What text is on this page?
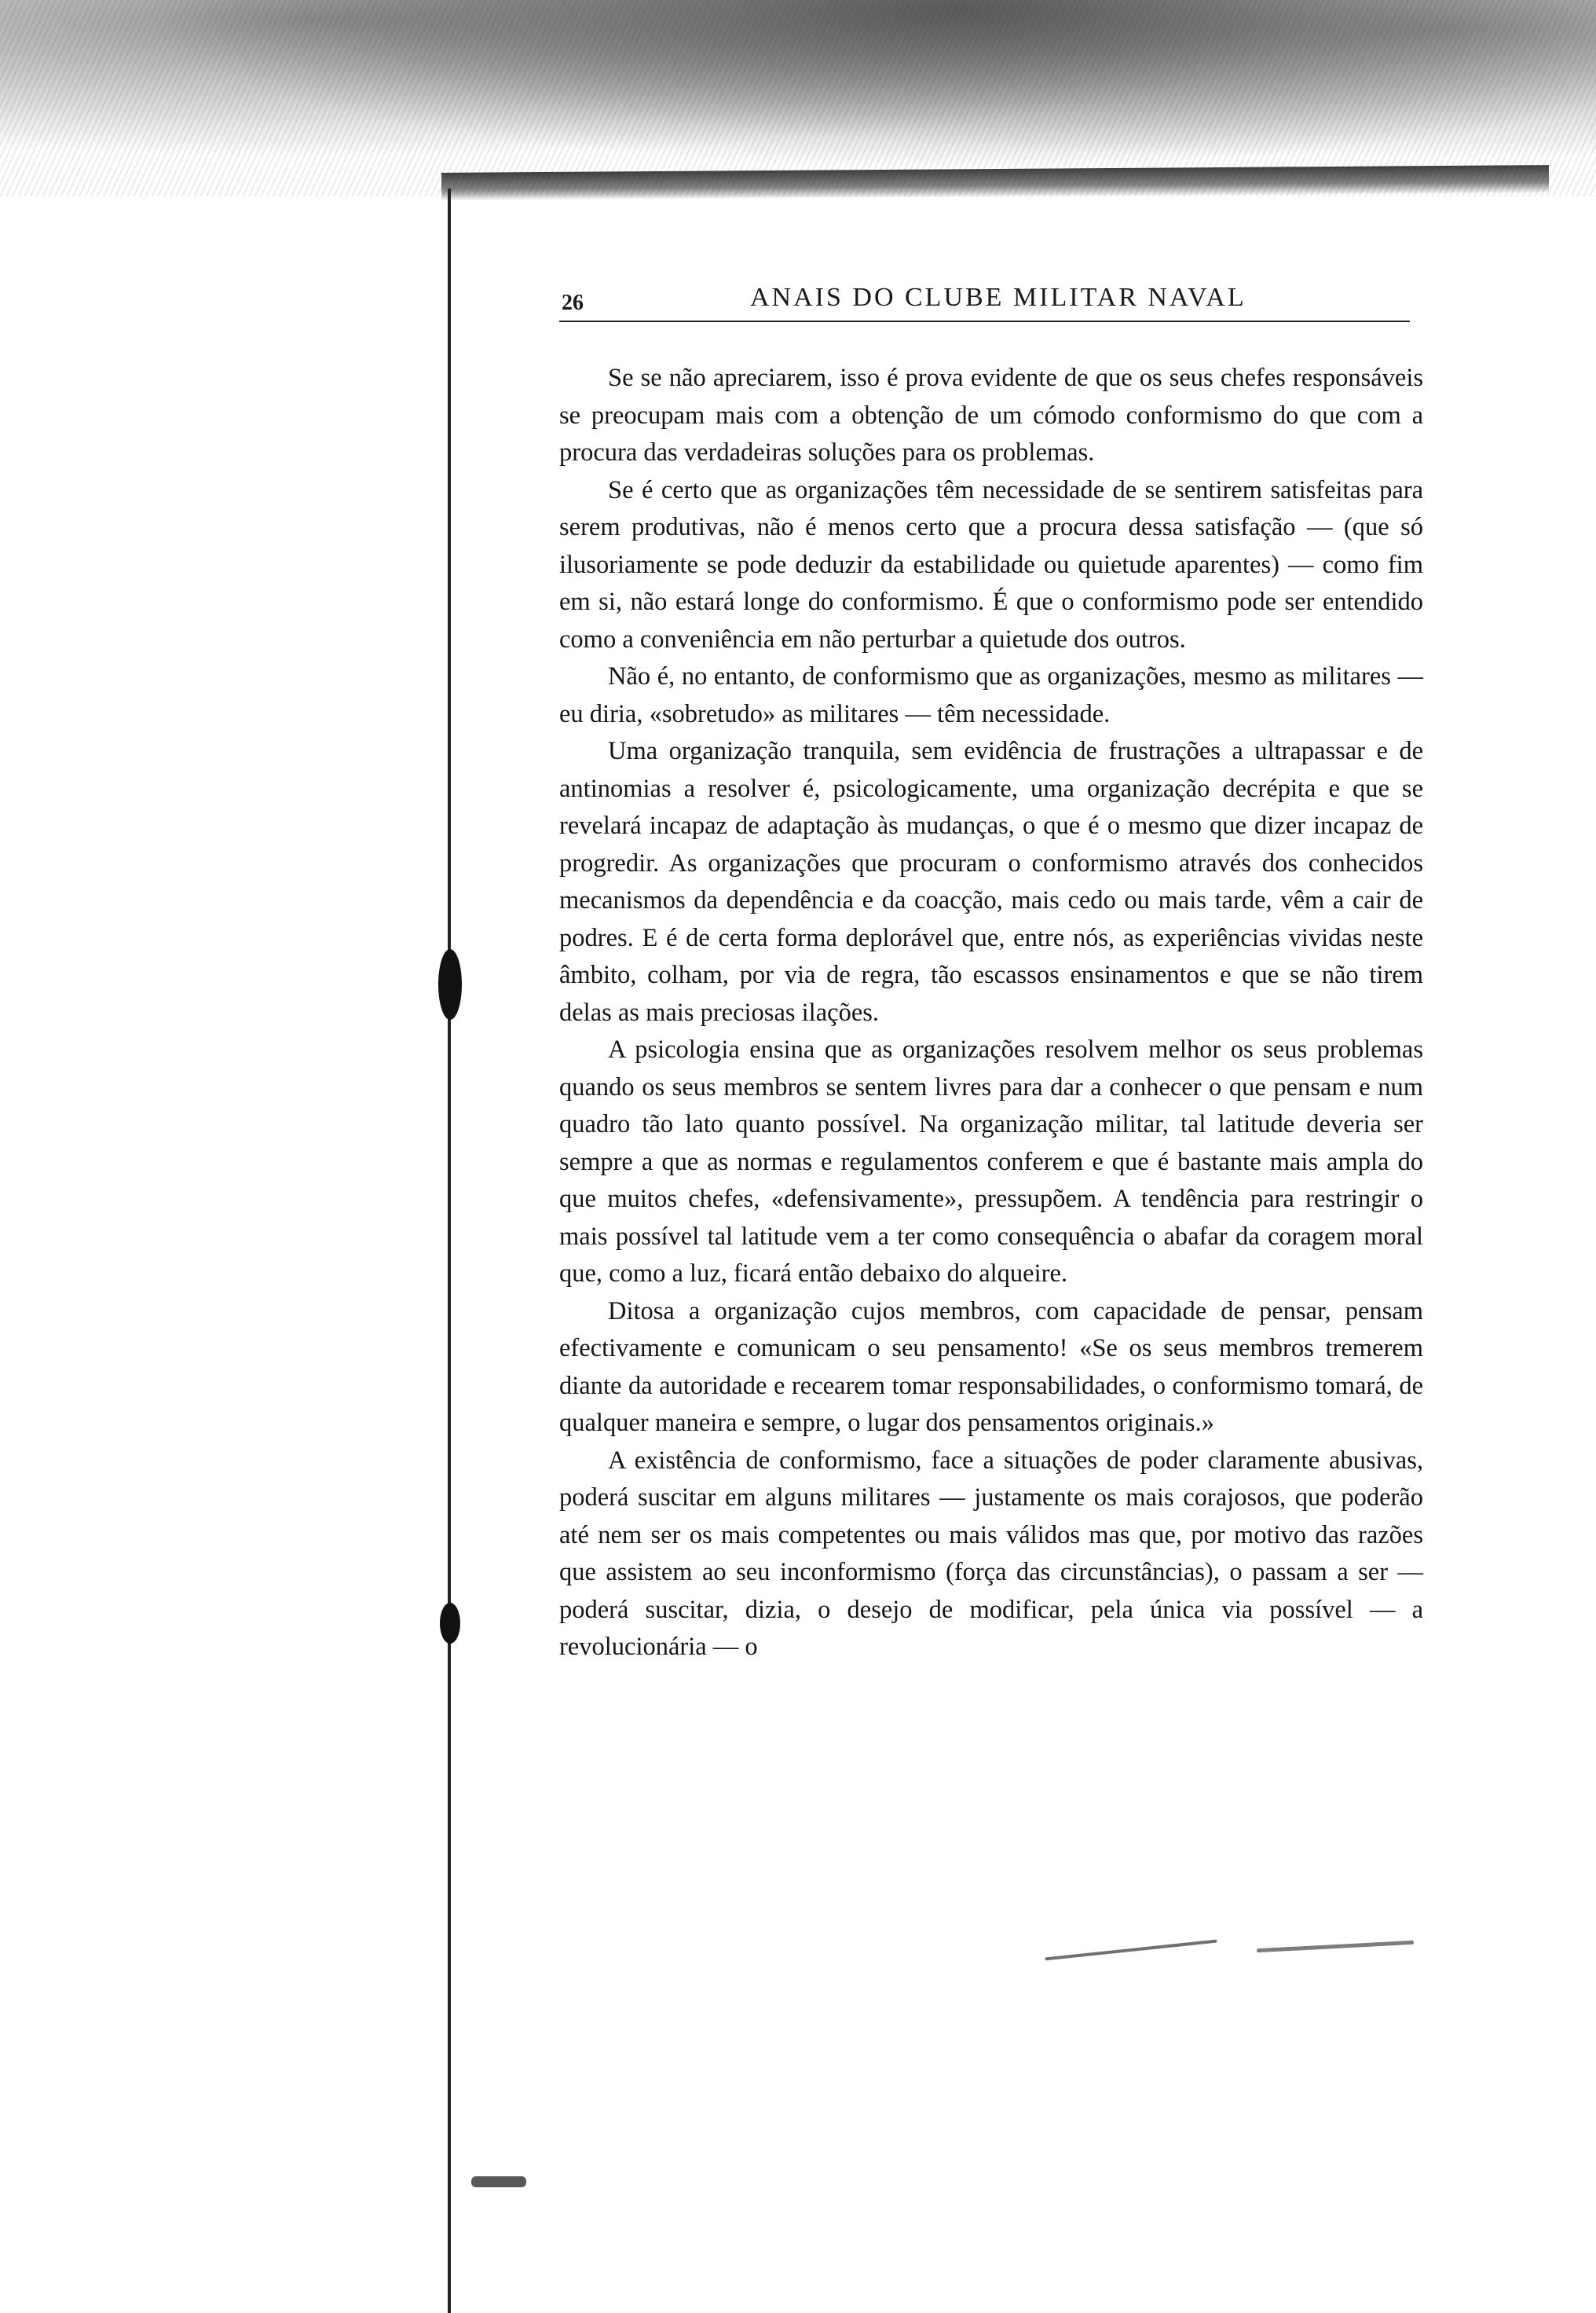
26	ANAIS DO CLUBE MILITAR NAVAL

Se se não apreciarem, isso é prova evidente de que os seus chefes responsáveis se preocupam mais com a obtenção de um cómodo conformismo do que com a procura das verdadeiras soluções para os problemas.

Se é certo que as organizações têm necessidade de se sentirem satisfeitas para serem produtivas, não é menos certo que a procura dessa satisfação — (que só ilusoriamente se pode deduzir da estabilidade ou quietude aparentes) — como fim em si, não estará longe do conformismo. É que o conformismo pode ser entendido como a conveniência em não perturbar a quietude dos outros.

Não é, no entanto, de conformismo que as organizações, mesmo as militares — eu diria, «sobretudo» as militares — têm necessidade.

Uma organização tranquila, sem evidência de frustrações a ultrapassar e de antinomias a resolver é, psicologicamente, uma organização decrépita e que se revelará incapaz de adaptação às mudanças, o que é o mesmo que dizer incapaz de progredir. As organizações que procuram o conformismo através dos conhecidos mecanismos da dependência e da coacção, mais cedo ou mais tarde, vêm a cair de podres. E é de certa forma deplorável que, entre nós, as experiências vividas neste âmbito, colham, por via de regra, tão escassos ensinamentos e que se não tirem delas as mais preciosas ilações.

A psicologia ensina que as organizações resolvem melhor os seus problemas quando os seus membros se sentem livres para dar a conhecer o que pensam e num quadro tão lato quanto possível. Na organização militar, tal latitude deveria ser sempre a que as normas e regulamentos conferem e que é bastante mais ampla do que muitos chefes, «defensivamente», pressupõem. A tendência para restringir o mais possível tal latitude vem a ter como consequência o abafar da coragem moral que, como a luz, ficará então debaixo do alqueire.

Ditosa a organização cujos membros, com capacidade de pensar, pensam efectivamente e comunicam o seu pensamento! «Se os seus membros tremerem diante da autoridade e recearem tomar responsabilidades, o conformismo tomará, de qualquer maneira e sempre, o lugar dos pensamentos originais.»

A existência de conformismo, face a situações de poder claramente abusivas, poderá suscitar em alguns militares — justamente os mais corajosos, que poderão até nem ser os mais competentes ou mais válidos mas que, por motivo das razões que assistem ao seu inconformismo (força das circunstâncias), o passam a ser — poderá suscitar, dizia, o desejo de modificar, pela única via possível — a revolucionária — o
